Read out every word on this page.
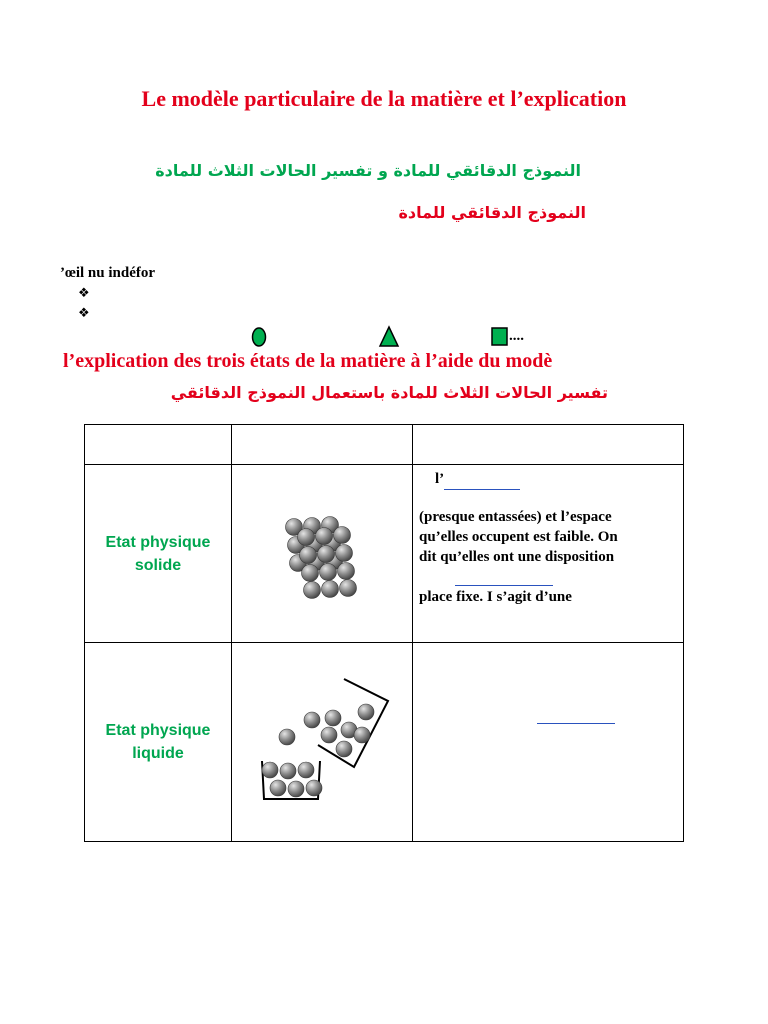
Le modèle particulaire de la matière et l’explication
النموذج الدقائقي للمادة و تفسير الحالات الثلاث للمادة
النموذج الدقائقي للمادة
’œil nu indéfor
❖
❖
....
l’explication des trois états de la matière à l’aide du modè
تفسير الحالات الثلاث للمادة باستعمال النموذج الدقائقي

Etat physique solide		l’
(presque entassées) et l’espace
qu’elles occupent est faible. On
dit qu’elles ont une disposition
place fixe. I s’agit d’une

Etat physique liquide
